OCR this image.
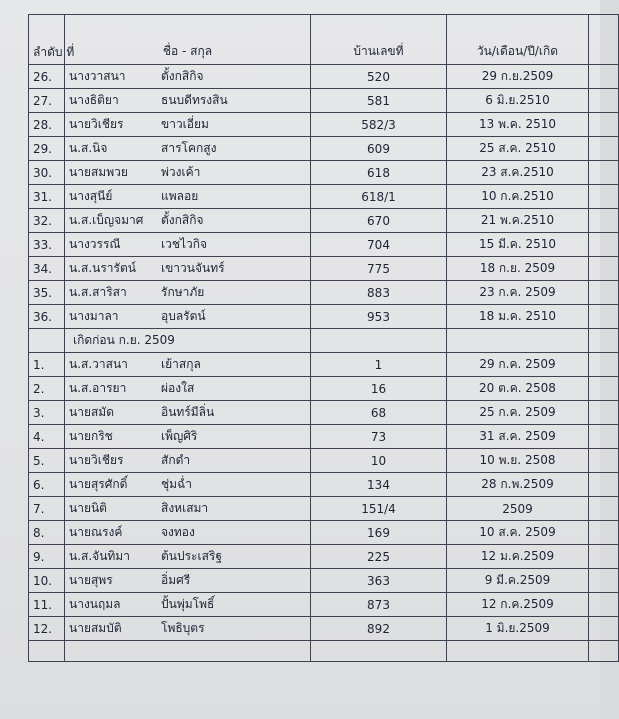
ลำดับ ที่	ชื่อ - สกุล	บ้านเลขที่	วัน/เดือน/ปี/เกิด	
26.	นางวาสนา ตั้งกสิกิจ	520	29 ก.ย.2509	
27.	นางธิติยา ธนบดีทรงสิน	581	6 มิ.ย.2510	
28.	นายวิเชียร ขาวเอี่ยม	582/3	13 พ.ค. 2510	
29.	น.ส.นิจ สารโคกสูง	609	25 ส.ค. 2510	
30.	นายสมพวย พ่วงเค้า	618	23 ส.ค.2510	
31.	นางสุนีย์ แพลอย	618/1	10 ก.ค.2510	
32.	น.ส.เบ็ญจมาศ ตั้งกสิกิจ	670	21 พ.ค.2510	
33.	นางวรรณี เวชไวกิจ	704	15 มี.ค. 2510	
34.	น.ส.นรารัตน์ เขาวนจันทร์	775	18 ก.ย. 2509	
35.	น.ส.สาริสา รักษาภัย	883	23 ก.ค. 2509	
36.	นางมาลา อุบลรัตน์	953	18 ม.ค. 2510	
	เกิดก่อน ก.ย. 2509			
1.	น.ส.วาสนา เย้าสกุล	1	29 ก.ค. 2509	
2.	น.ส.อารยา ผ่องใส	16	20 ต.ค. 2508	
3.	นายสมัด อินทร์มีลิ่น	68	25 ก.ค. 2509	
4.	นายกริช เพ็ญศิริ	73	31 ส.ค. 2509	
5.	นายวิเชียร สักดำ	10	10 พ.ย. 2508	
6.	นายสุรศักดิ์ ชุ่มฉ่ำ	134	28 ก.พ.2509	
7.	นายนิติ สิงหเสมา	151/4	2509	
8.	นายณรงค์ จงทอง	169	10 ส.ค. 2509	
9.	น.ส.จันทิมา ต้นประเสริฐ	225	12 ม.ค.2509	
10.	นายสุพร อิ่มศรี	363	9 มี.ค.2509	
11.	นางนฤมล ปั้นพุ่มโพธิ์	873	12 ก.ค.2509	
12.	นายสมบัติ โพธิบุตร	892	1 มิ.ย.2509	
